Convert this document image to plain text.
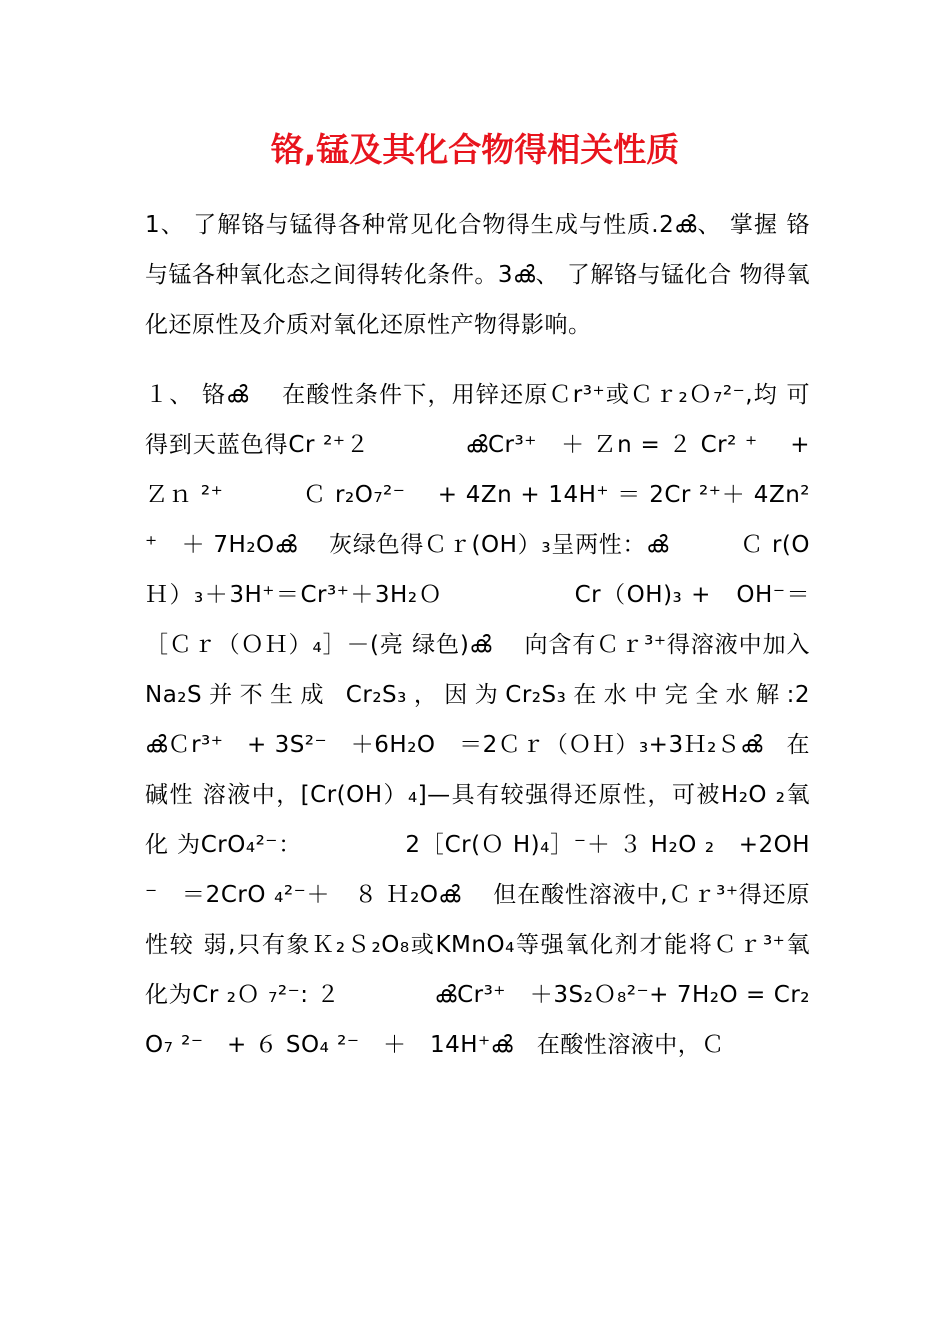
铬,锰及其化合物得相关性质
1、 了解铬与锰得各种常见化合物得生成与性质.2ൿ、 掌握 铬与锰各种氧化态之间得转化条件。3ൿ、 了解铬与锰化合 物得氧化还原性及介质对氧化还原性产物得影响。
１、 铬ൿ　 在酸性条件下，用锌还原Ｃr³⁺或Ｃｒ₂Ｏ₇²⁻,均 可得到天蓝色得Cr ²⁺２　　　　ൿCr³⁺　＋ Ｚn = ２ Cr² ⁺　 + Ｚｎ ²⁺ 　　　Ｃ r₂O₇²⁻　 + 4Zn + 14H⁺ ＝ 2Cr ²⁺＋ 4Zn²⁺　＋ 7H₂Oൿ　 灰绿色得Ｃｒ(OH）₃呈两性：ൿ　　　Ｃ r(O Ｈ）₃＋3H⁺＝Cr³⁺＋3H₂Ｏ 　　　　　Cr（OH)₃ +　OH⁻＝［Ｃｒ（ＯＨ）₄］－(亮 绿色)ൿ　 向含有Ｃｒ³⁺得溶液中加入Na₂S并不生成 Cr₂S₃，因为Cr₂S₃在水中完全水解:2　　　　　ൿＣr³⁺　+ 3S²⁻　＋6H₂O　＝2Ｃｒ（ＯＨ）₃+3Ｈ₂Ｓൿ　在碱性 溶液中，[Cr(OH）₄]—具有较强得还原性，可被H₂O ₂氧化 为CrO₄²⁻： 　　　　2［Cr(Ｏ H)₄］⁻＋ ３ H₂O ₂　+2OH⁻　＝2CrO ₄²⁻＋　８ Ｈ₂Oൿ　 但在酸性溶液中,Ｃｒ³⁺得还原性较 弱,只有象Ｋ₂Ｓ₂O₈或KMnO₄等强氧化剂才能将Ｃｒ³⁺氧 化为Cr ₂Ｏ ₇²⁻: ２　　　　ൿCr³⁺　＋3S₂Ｏ₈²⁻+ 7H₂O = Cr₂O₇ ²⁻　+ ６ SO₄ ²⁻　＋　14H⁺ൿ　在酸性溶液中，Ｃ
